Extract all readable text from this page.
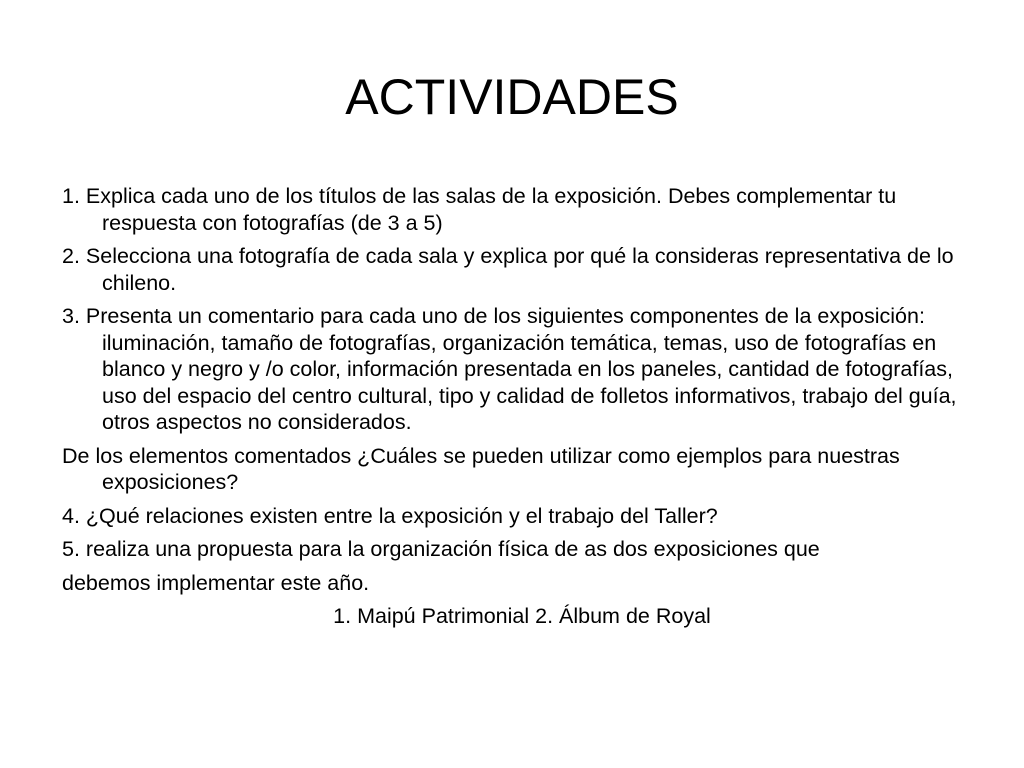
ACTIVIDADES
1. Explica cada uno de los títulos de las salas de la exposición. Debes complementar tu respuesta con fotografías (de 3 a 5)
2. Selecciona una fotografía de cada sala y explica por qué la consideras representativa de lo chileno.
3. Presenta un comentario para cada uno de los siguientes componentes de la exposición: iluminación, tamaño de fotografías, organización temática, temas, uso de fotografías en blanco y negro y /o color, información presentada en los paneles, cantidad de fotografías, uso del espacio del centro cultural, tipo y calidad de folletos informativos, trabajo del guía, otros aspectos no considerados.
De los elementos comentados ¿Cuáles se pueden utilizar como ejemplos para nuestras exposiciones?
4. ¿Qué relaciones existen entre la exposición y el trabajo del Taller?
5. realiza una propuesta para la organización física de as dos exposiciones que
debemos implementar este año.
1. Maipú Patrimonial 2. Álbum de Royal
